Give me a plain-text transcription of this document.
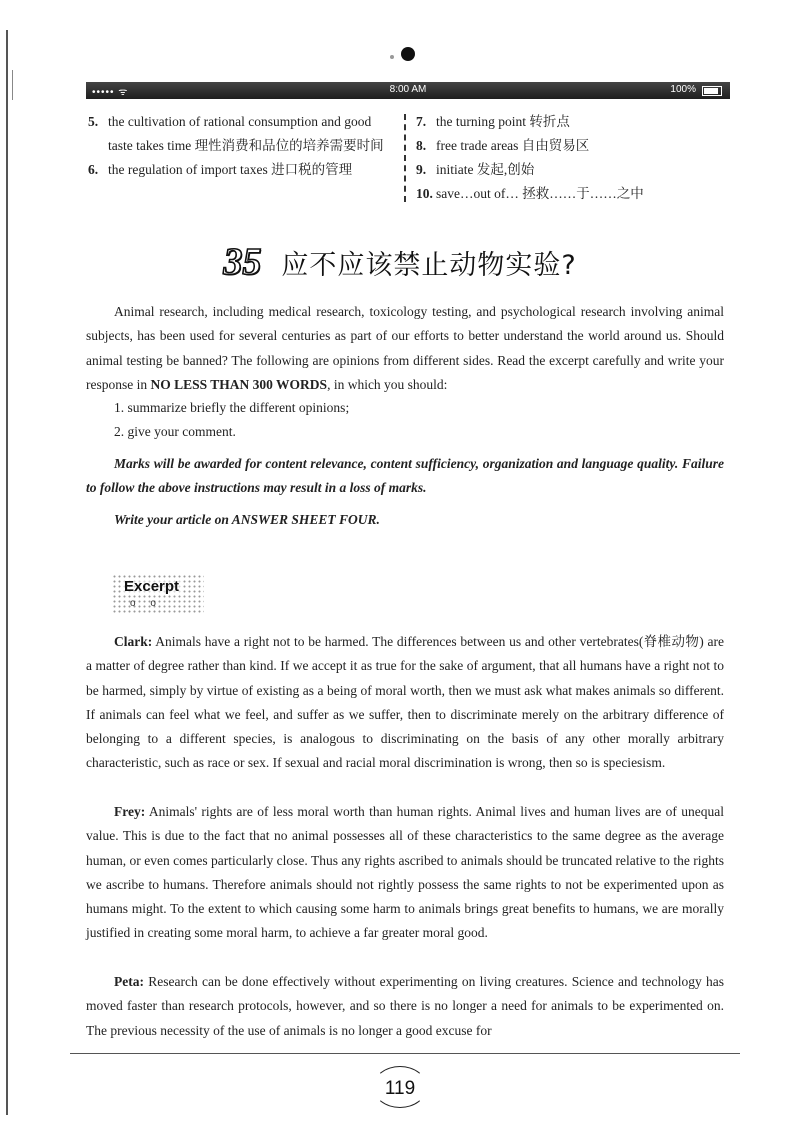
••••• ᯤ	8:00 AM	100%
5. the cultivation of rational consumption and good taste takes time 理性消费和品位的培养需要时间
6. the regulation of import taxes 进口税的管理
7. the turning point 转折点
8. free trade areas 自由贸易区
9. initiate 发起,创始
10. save…out of… 拯救……于……之中
35 应不应该禁止动物实验?

Animal research, including medical research, toxicology testing, and psychological research involving animal subjects, has been used for several centuries as part of our efforts to better understand the world around us. Should animal testing be banned? The following are opinions from different sides. Read the excerpt carefully and write your response in NO LESS THAN 300 WORDS, in which you should:

1. summarize briefly the different opinions;
2. give your comment.

Marks will be awarded for content relevance, content sufficiency, organization and language quality. Failure to follow the above instructions may result in a loss of marks.

Write your article on ANSWER SHEET FOUR.

Excerpt
o o

Clark: Animals have a right not to be harmed. The differences between us and other vertebrates(脊椎动物) are a matter of degree rather than kind. If we accept it as true for the sake of argument, that all humans have a right not to be harmed, simply by virtue of existing as a being of moral worth, then we must ask what makes animals so different. If animals can feel what we feel, and suffer as we suffer, then to discriminate merely on the arbitrary difference of belonging to a different species, is analogous to discriminating on the basis of any other morally arbitrary characteristic, such as race or sex. If sexual and racial moral discrimination is wrong, then so is speciesism.

Frey: Animals' rights are of less moral worth than human rights. Animal lives and human lives are of unequal value. This is due to the fact that no animal possesses all of these characteristics to the same degree as the average human, or even comes particularly close. Thus any rights ascribed to animals should be truncated relative to the rights we ascribe to humans. Therefore animals should not rightly possess the same rights to not be experimented upon as humans might. To the extent to which causing some harm to animals brings great benefits to humans, we are morally justified in creating some moral harm, to achieve a far greater moral good.

Peta: Research can be done effectively without experimenting on living creatures. Science and technology has moved faster than research protocols, however, and so there is no longer a need for animals to be experimented on. The previous necessity of the use of animals is no longer a good excuse for

119
